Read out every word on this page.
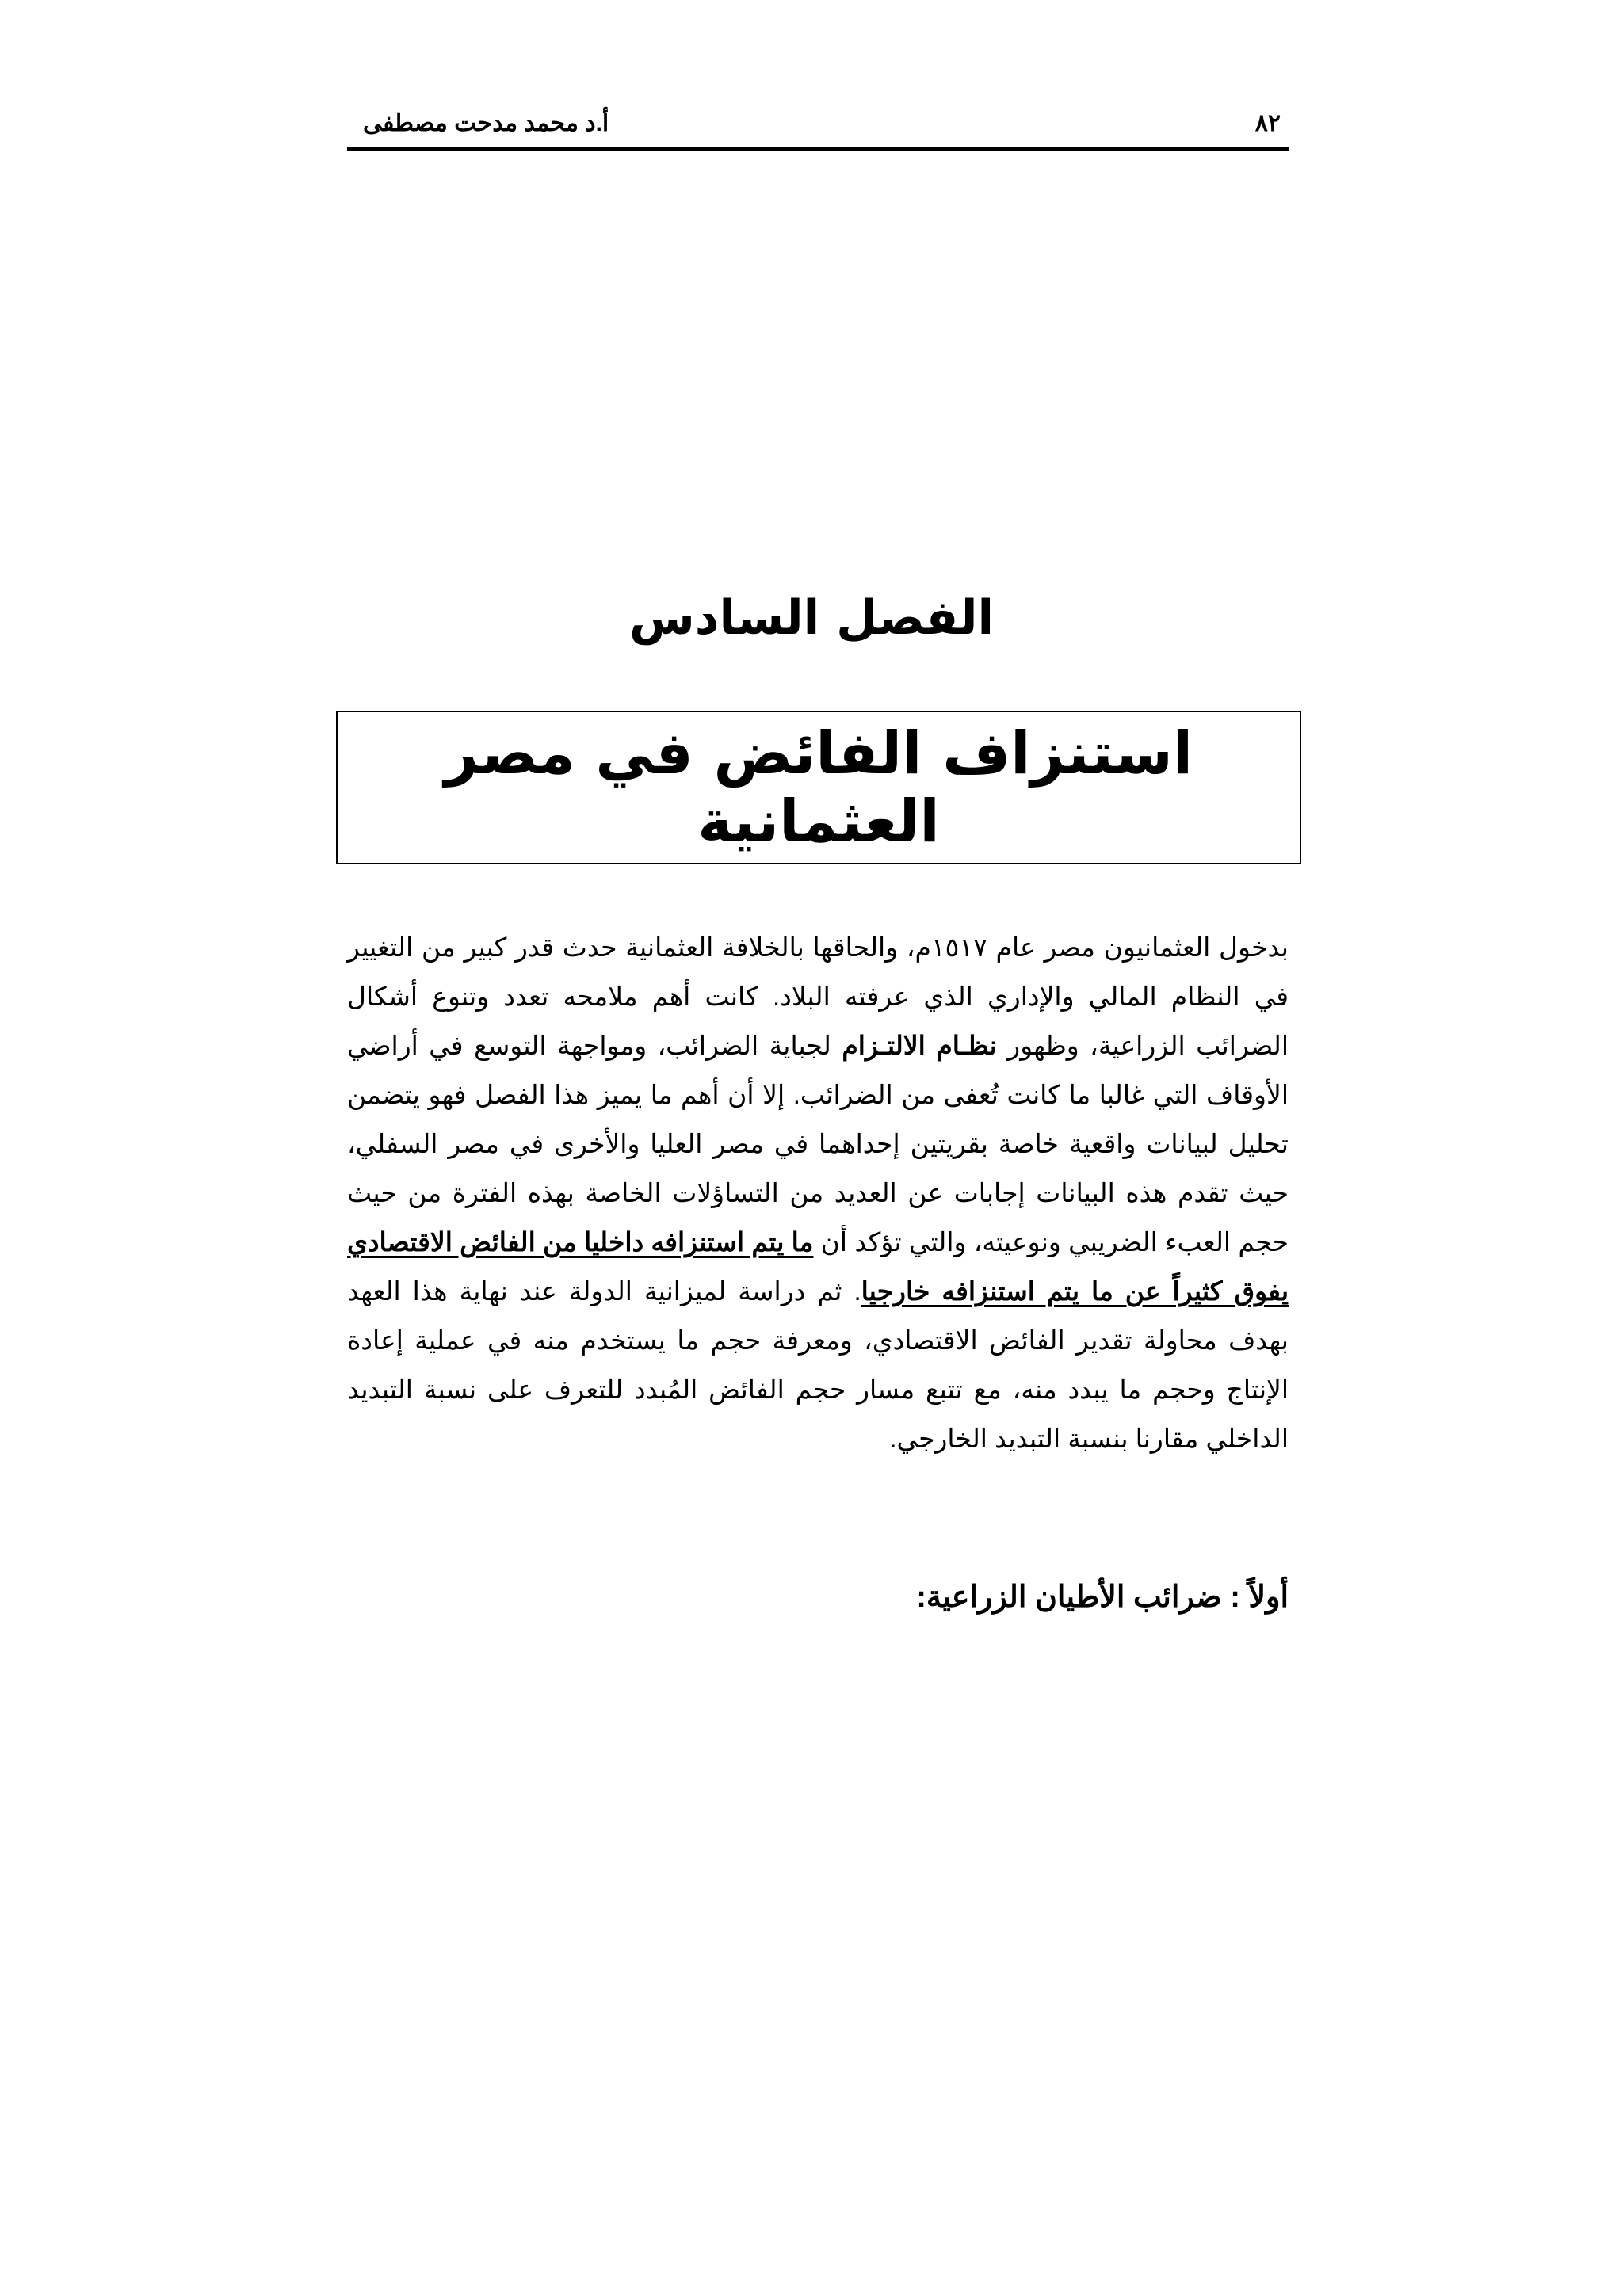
أ.د محمد مدحت مصطفى	٨٢
الفصل السادس
استنزاف الفائض في مصر العثمانية

بدخول العثمانيون مصر عام ١٥١٧م، والحاقها بالخلافة العثمانية حدث قدر كبير من التغيير في النظام المالي والإداري الذي عرفته البلاد. كانت أهم ملامحه تعدد وتنوع أشكال الضرائب الزراعية، وظهور نظـام الالتـزام لجباية الضرائب، ومواجهة التوسع في أراضي الأوقاف التي غالبا ما كانت تُعفى من الضرائب. إلا أن أهم ما يميز هذا الفصل فهو يتضمن تحليل لبيانات واقعية خاصة بقريتين إحداهما في مصر العليا والأخرى في مصر السفلي، حيث تقدم هذه البيانات إجابات عن العديد من التساؤلات الخاصة بهذه الفترة من حيث حجم العبء الضريبي ونوعيته، والتي تؤكد أن ما يتم استنزافه داخليا من الفائض الاقتصادي يفوق كثيراً عن ما يتم استنزافه خارجيا. ثم دراسة لميزانية الدولة عند نهاية هذا العهد بهدف محاولة تقدير الفائض الاقتصادي، ومعرفة حجم ما يستخدم منه في عملية إعادة الإنتاج وحجم ما يبدد منه، مع تتبع مسار حجم الفائض المُبدد للتعرف على نسبة التبديد الداخلي مقارنا بنسبة التبديد الخارجي.

أولاً : ضرائب الأطيان الزراعية:
